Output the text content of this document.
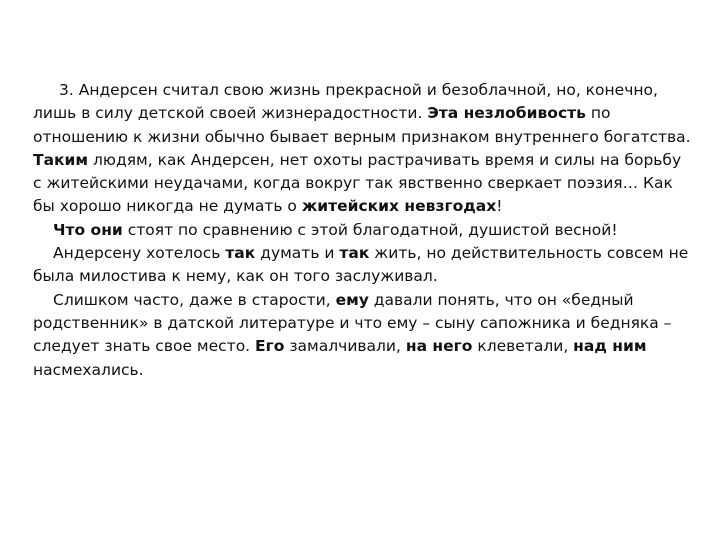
3. Андерсен считал свою жизнь прекрасной и безоблачной, но, конечно, лишь в силу детской своей жизнерадостности. Эта незлобивость по отношению к жизни обычно бывает верным признаком внутреннего богатства. Таким людям, как Андерсен, нет охоты растрачивать время и силы на борьбу с житейскими неудачами, когда вокруг так явственно сверкает поэзия… Как бы хорошо никогда не думать о житейских невзгодах!

Что они стоят по сравнению с этой благодатной, душистой весной!

Андерсену хотелось так думать и так жить, но действительность совсем не была милостива к нему, как он того заслуживал.

Слишком часто, даже в старости, ему давали понять, что он «бедный родственник» в датской литературе и что ему – сыну сапожника и бедняка – следует знать свое место. Его замалчивали, на него клеветали, над ним насмехались.
